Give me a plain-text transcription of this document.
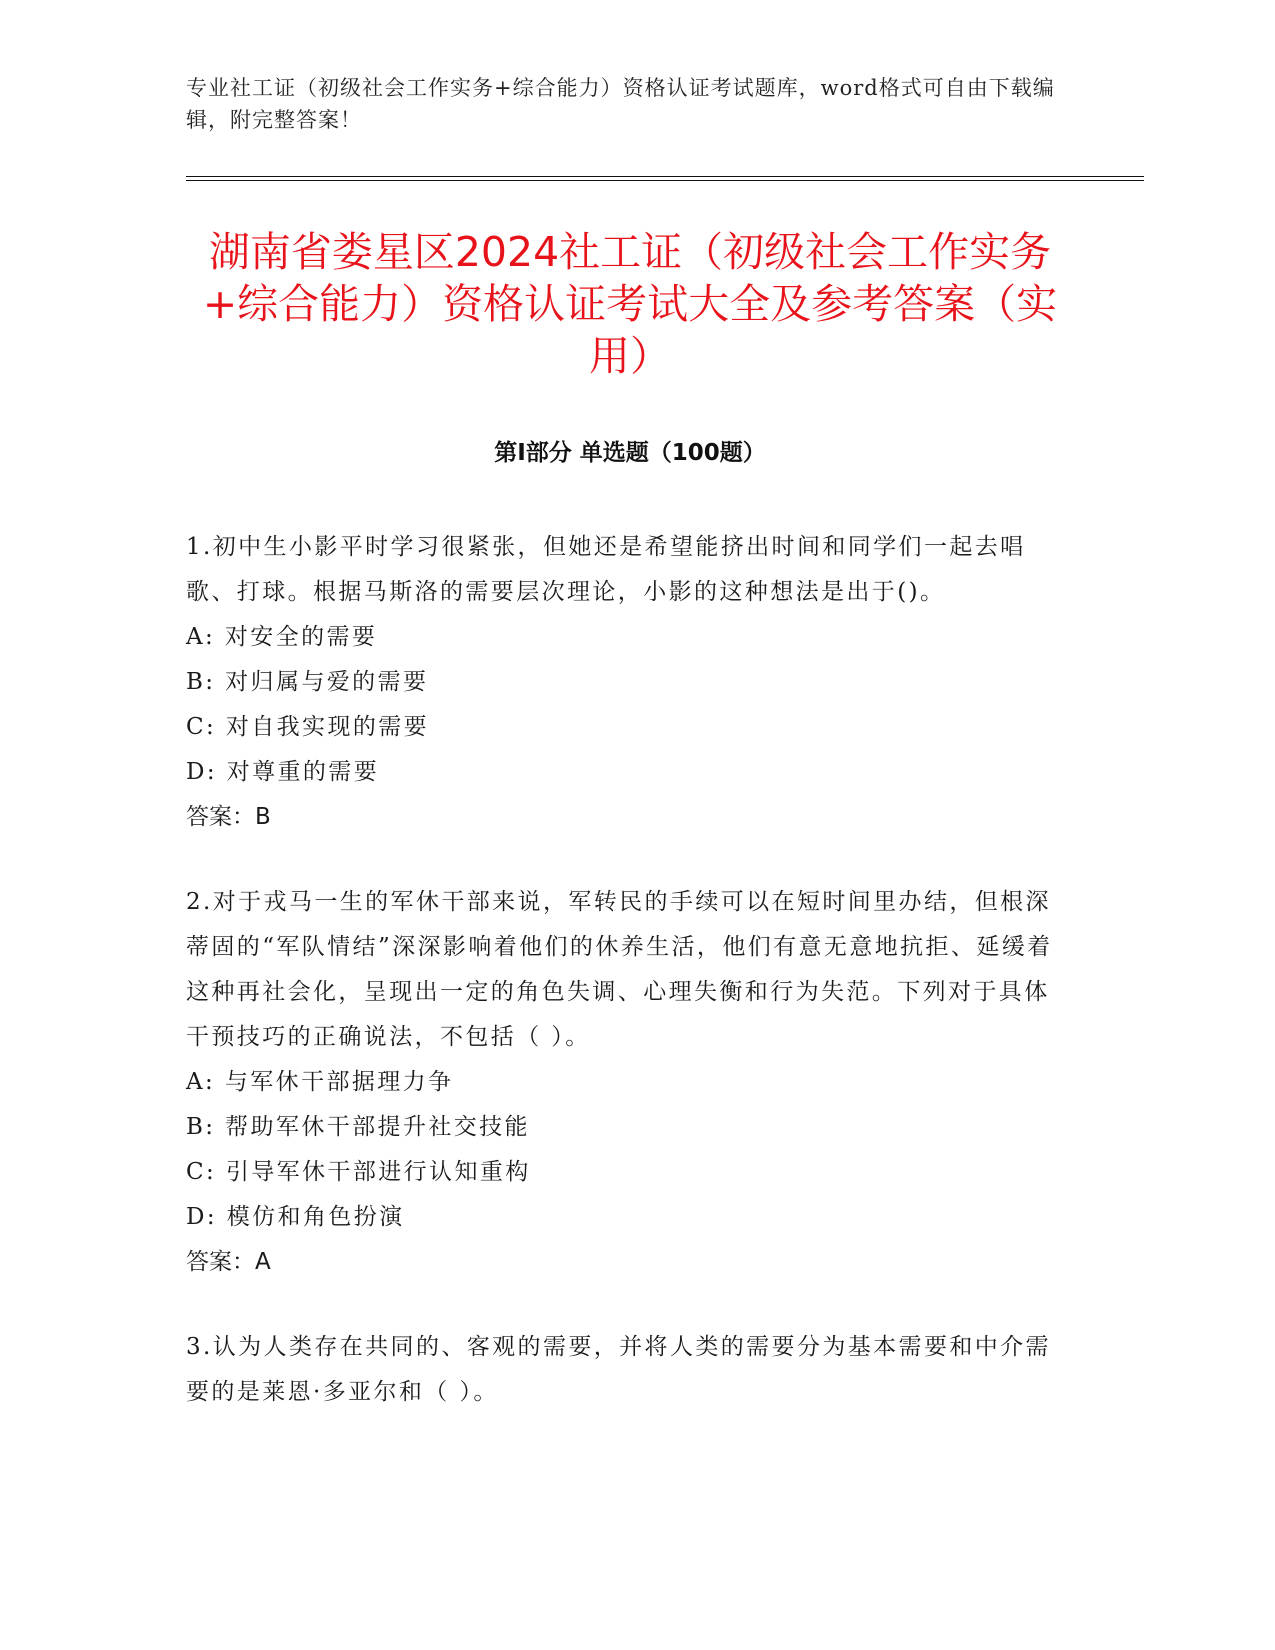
专业社工证（初级社会工作实务+综合能力）资格认证考试题库，word格式可自由下载编辑，附完整答案！
湖南省娄星区2024社工证（初级社会工作实务+综合能力）资格认证考试大全及参考答案（实用）
第Ⅰ部分 单选题（100题）

1.初中生小影平时学习很紧张，但她还是希望能挤出时间和同学们一起去唱歌、打球。根据马斯洛的需要层次理论，小影的这种想法是出于()。

A: 对安全的需要

B: 对归属与爱的需要

C: 对自我实现的需要

D: 对尊重的需要

答案：B

2.对于戎马一生的军休干部来说，军转民的手续可以在短时间里办结，但根深蒂固的“军队情结”深深影响着他们的休养生活，他们有意无意地抗拒、延缓着这种再社会化，呈现出一定的角色失调、心理失衡和行为失范。下列对于具体干预技巧的正确说法，不包括（ ）。

A: 与军休干部据理力争

B: 帮助军休干部提升社交技能

C: 引导军休干部进行认知重构

D: 模仿和角色扮演

答案：A

3.认为人类存在共同的、客观的需要，并将人类的需要分为基本需要和中介需要的是莱恩·多亚尔和（ ）。
